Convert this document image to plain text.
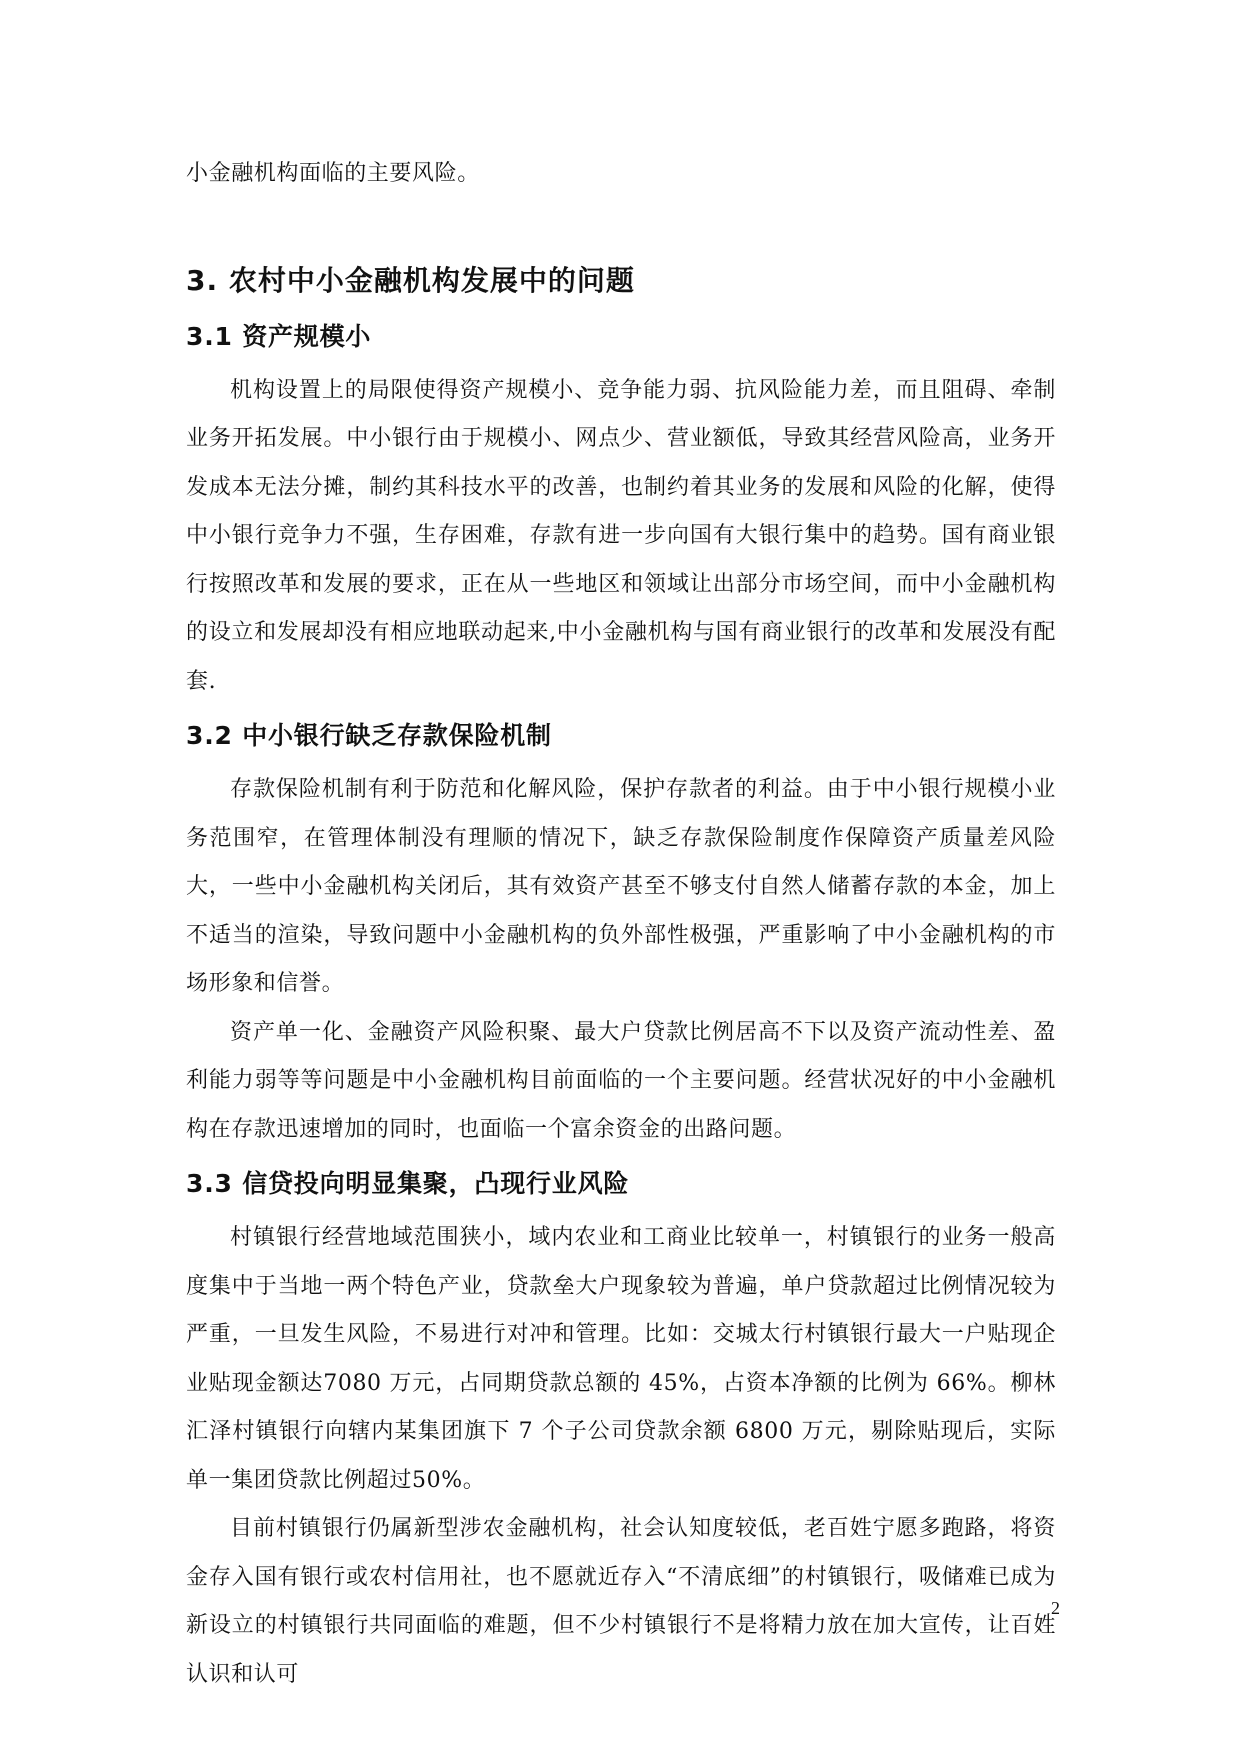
小金融机构面临的主要风险。

3. 农村中小金融机构发展中的问题
3.1 资产规模小

机构设置上的局限使得资产规模小、竞争能力弱、抗风险能力差，而且阻碍、牵制业务开拓发展。中小银行由于规模小、网点少、营业额低，导致其经营风险高，业务开发成本无法分摊，制约其科技水平的改善，也制约着其业务的发展和风险的化解，使得中小银行竞争力不强，生存困难，存款有进一步向国有大银行集中的趋势。国有商业银行按照改革和发展的要求，正在从一些地区和领域让出部分市场空间，而中小金融机构的设立和发展却没有相应地联动起来,中小金融机构与国有商业银行的改革和发展没有配套.

3.2 中小银行缺乏存款保险机制

存款保险机制有利于防范和化解风险，保护存款者的利益。由于中小银行规模小业务范围窄，在管理体制没有理顺的情况下，缺乏存款保险制度作保障资产质量差风险大，一些中小金融机构关闭后，其有效资产甚至不够支付自然人储蓄存款的本金，加上不适当的渲染，导致问题中小金融机构的负外部性极强，严重影响了中小金融机构的市场形象和信誉。

资产单一化、金融资产风险积聚、最大户贷款比例居高不下以及资产流动性差、盈利能力弱等等问题是中小金融机构目前面临的一个主要问题。经营状况好的中小金融机构在存款迅速增加的同时，也面临一个富余资金的出路问题。

3.3 信贷投向明显集聚，凸现行业风险

村镇银行经营地域范围狭小，域内农业和工商业比较单一，村镇银行的业务一般高度集中于当地一两个特色产业，贷款垒大户现象较为普遍，单户贷款超过比例情况较为严重，一旦发生风险，不易进行对冲和管理。比如：交城太行村镇银行最大一户贴现企业贴现金额达7080 万元，占同期贷款总额的 45%，占资本净额的比例为 66%。柳林汇泽村镇银行向辖内某集团旗下 7 个子公司贷款余额 6800 万元，剔除贴现后，实际单一集团贷款比例超过50%。

目前村镇银行仍属新型涉农金融机构，社会认知度较低，老百姓宁愿多跑路，将资金存入国有银行或农村信用社，也不愿就近存入“不清底细”的村镇银行，吸储难已成为新设立的村镇银行共同面临的难题，但不少村镇银行不是将精力放在加大宣传，让百姓认识和认可

2
